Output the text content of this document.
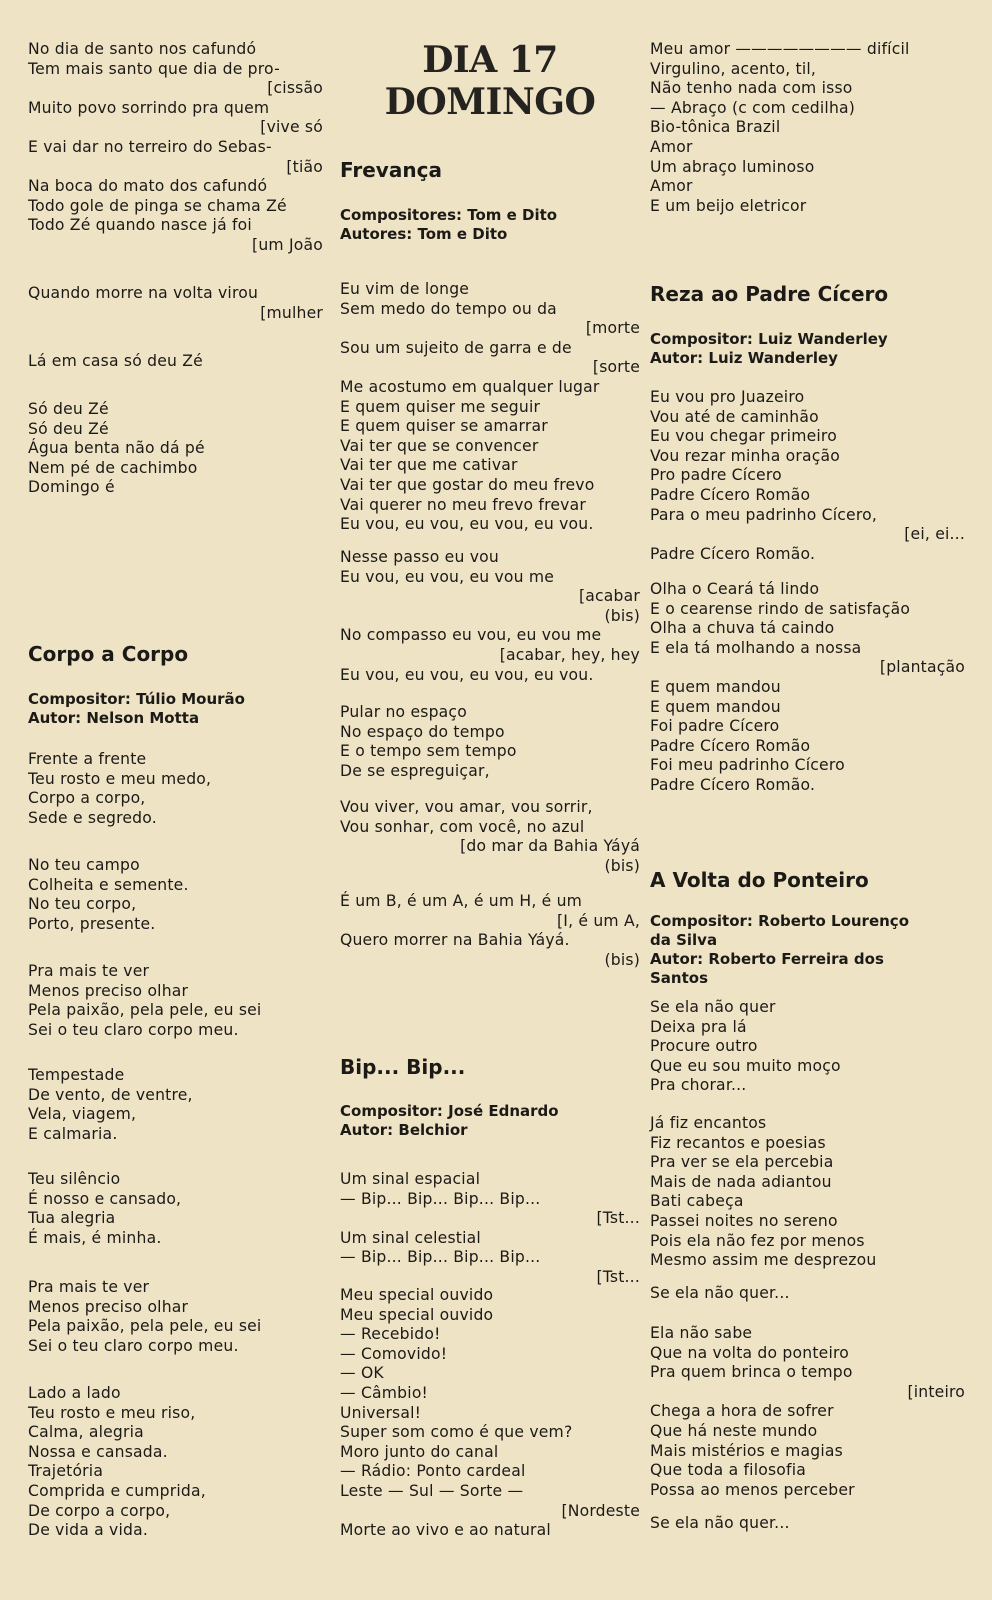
No dia de santo nos cafundó
Tem mais santo que dia de pro-
[cissão
Muito povo sorrindo pra quem
[vive só
E vai dar no terreiro do Sebas-
[tião
Na boca do mato dos cafundó
Todo gole de pinga se chama Zé
Todo Zé quando nasce já foi
[um João
Quando morre na volta virou
[mulher
Lá em casa só deu Zé
Só deu Zé
Só deu Zé
Água benta não dá pé
Nem pé de cachimbo
Domingo é
Corpo a Corpo
Compositor: Túlio Mourão
Autor: Nelson Motta
Frente a frente
Teu rosto e meu medo,
Corpo a corpo,
Sede e segredo.
No teu campo
Colheita e semente.
No teu corpo,
Porto, presente.
Pra mais te ver
Menos preciso olhar
Pela paixão, pela pele, eu sei
Sei o teu claro corpo meu.
Tempestade
De vento, de ventre,
Vela, viagem,
E calmaria.
Teu silêncio
É nosso e cansado,
Tua alegria
É mais, é minha.
Pra mais te ver
Menos preciso olhar
Pela paixão, pela pele, eu sei
Sei o teu claro corpo meu.
Lado a lado
Teu rosto e meu riso,
Calma, alegria
Nossa e cansada.
Trajetória
Comprida e cumprida,
De corpo a corpo,
De vida a vida.
DIA 17
DOMINGO
Frevança
Compositores: Tom e Dito
Autores: Tom e Dito
Eu vim de longe
Sem medo do tempo ou da
[morte
Sou um sujeito de garra e de
[sorte
Me acostumo em qualquer lugar
E quem quiser me seguir
E quem quiser se amarrar
Vai ter que se convencer
Vai ter que me cativar
Vai ter que gostar do meu frevo
Vai querer no meu frevo frevar
Eu vou, eu vou, eu vou, eu vou.
Nesse passo eu vou
Eu vou, eu vou, eu vou me
[acabar
(bis)
No compasso eu vou, eu vou me
[acabar, hey, hey
Eu vou, eu vou, eu vou, eu vou.
Pular no espaço
No espaço do tempo
E o tempo sem tempo
De se espreguiçar,
Vou viver, vou amar, vou sorrir,
Vou sonhar, com você, no azul
[do mar da Bahia Yáyá
(bis)
É um B, é um A, é um H, é um
[I, é um A,
Quero morrer na Bahia Yáyá.
(bis)
Bip... Bip...
Compositor: José Ednardo
Autor: Belchior
Um sinal espacial
— Bip... Bip... Bip... Bip...
[Tst...
Um sinal celestial
— Bip... Bip... Bip... Bip...
[Tst...
Meu special ouvido
Meu special ouvido
— Recebido!
— Comovido!
— OK
— Câmbio!
Universal!
Super som como é que vem?
Moro junto do canal
— Rádio: Ponto cardeal
Leste — Sul — Sorte —
[Nordeste
Morte ao vivo e ao natural
Meu amor ———————— difícil
Virgulino, acento, til,
Não tenho nada com isso
— Abraço (c com cedilha)
Bio-tônica Brazil
Amor
Um abraço luminoso
Amor
E um beijo eletricor
Reza ao Padre Cícero
Compositor: Luiz Wanderley
Autor: Luiz Wanderley
Eu vou pro Juazeiro
Vou até de caminhão
Eu vou chegar primeiro
Vou rezar minha oração
Pro padre Cícero
Padre Cícero Romão
Para o meu padrinho Cícero,
[ei, ei...
Padre Cícero Romão.
Olha o Ceará tá lindo
E o cearense rindo de satisfação
Olha a chuva tá caindo
E ela tá molhando a nossa
[plantação
E quem mandou
E quem mandou
Foi padre Cícero
Padre Cícero Romão
Foi meu padrinho Cícero
Padre Cícero Romão.
A Volta do Ponteiro
Compositor: Roberto Lourenço
da Silva
Autor: Roberto Ferreira dos
Santos
Se ela não quer
Deixa pra lá
Procure outro
Que eu sou muito moço
Pra chorar...
Já fiz encantos
Fiz recantos e poesias
Pra ver se ela percebia
Mais de nada adiantou
Bati cabeça
Passei noites no sereno
Pois ela não fez por menos
Mesmo assim me desprezou
Se ela não quer...
Ela não sabe
Que na volta do ponteiro
Pra quem brinca o tempo
[inteiro
Chega a hora de sofrer
Que há neste mundo
Mais mistérios e magias
Que toda a filosofia
Possa ao menos perceber
Se ela não quer...
